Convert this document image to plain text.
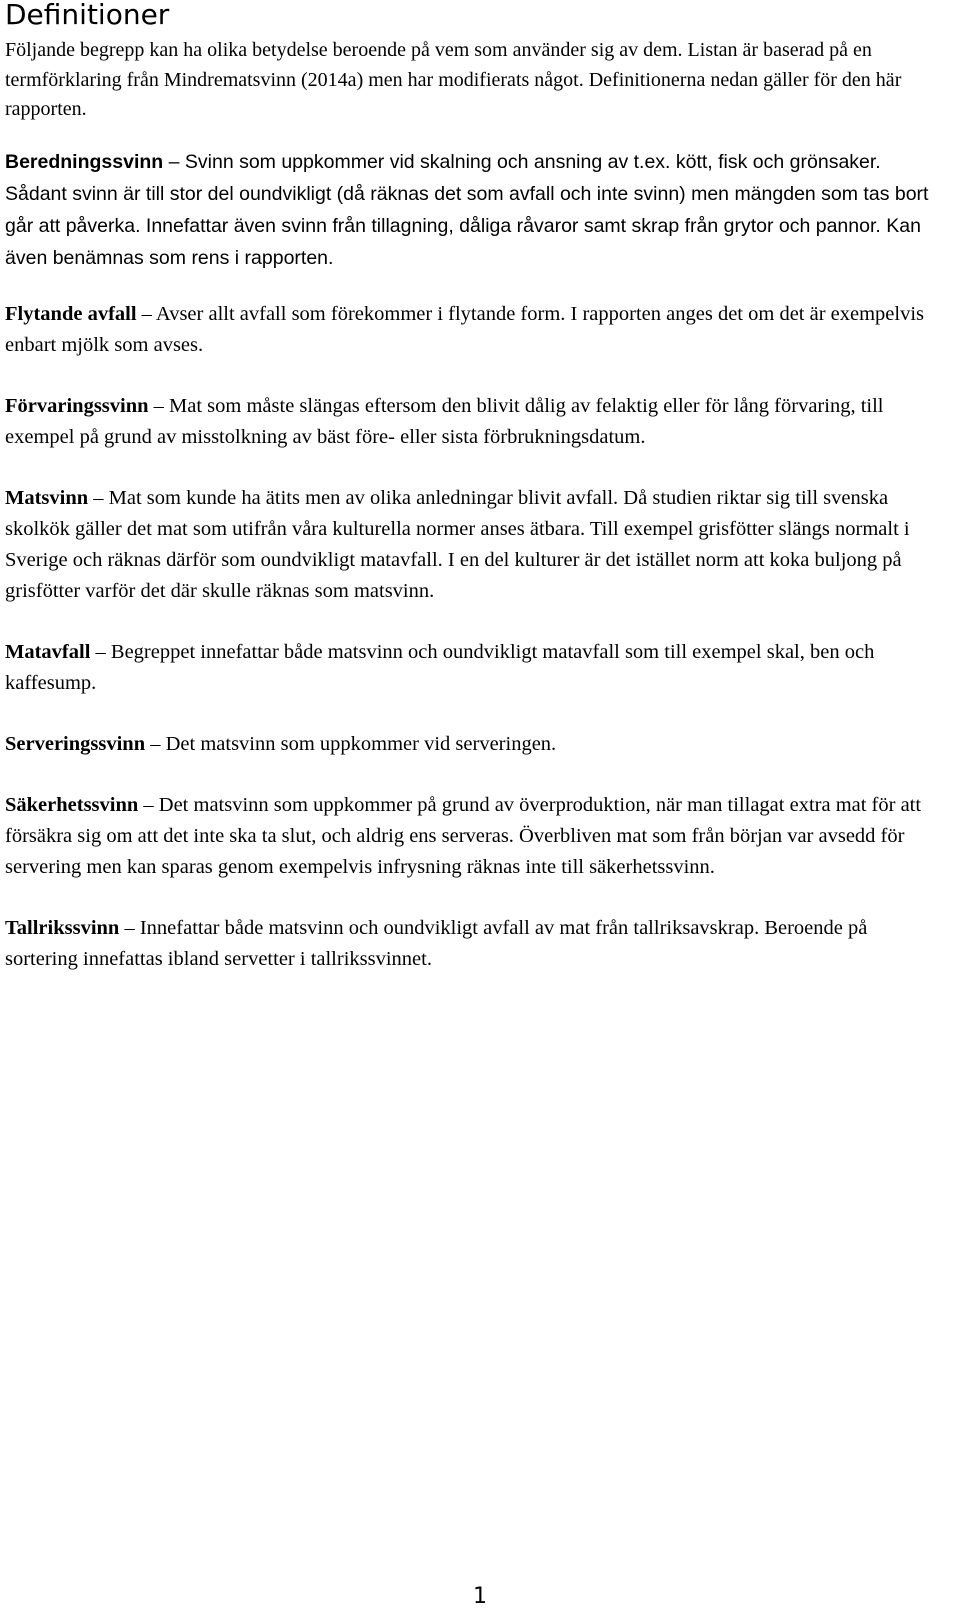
Definitioner

Följande begrepp kan ha olika betydelse beroende på vem som använder sig av dem. Listan är baserad på en termförklaring från Mindrematsvinn (2014a) men har modifierats något. Definitionerna nedan gäller för den här rapporten.

Beredningssvinn – Svinn som uppkommer vid skalning och ansning av t.ex. kött, fisk och grönsaker. Sådant svinn är till stor del oundvikligt (då räknas det som avfall och inte svinn) men mängden som tas bort går att påverka. Innefattar även svinn från tillagning, dåliga råvaror samt skrap från grytor och pannor. Kan även benämnas som rens i rapporten.

Flytande avfall – Avser allt avfall som förekommer i flytande form. I rapporten anges det om det är exempelvis enbart mjölk som avses.

Förvaringssvinn – Mat som måste slängas eftersom den blivit dålig av felaktig eller för lång förvaring, till exempel på grund av misstolkning av bäst före- eller sista förbrukningsdatum.

Matsvinn – Mat som kunde ha ätits men av olika anledningar blivit avfall. Då studien riktar sig till svenska skolkök gäller det mat som utifrån våra kulturella normer anses ätbara. Till exempel grisfötter slängs normalt i Sverige och räknas därför som oundvikligt matavfall. I en del kulturer är det istället norm att koka buljong på grisfötter varför det där skulle räknas som matsvinn.

Matavfall – Begreppet innefattar både matsvinn och oundvikligt matavfall som till exempel skal, ben och kaffesump.

Serveringssvinn – Det matsvinn som uppkommer vid serveringen.

Säkerhetssvinn – Det matsvinn som uppkommer på grund av överproduktion, när man tillagat extra mat för att försäkra sig om att det inte ska ta slut, och aldrig ens serveras. Överbliven mat som från början var avsedd för servering men kan sparas genom exempelvis infrysning räknas inte till säkerhetssvinn.

Tallrikssvinn – Innefattar både matsvinn och oundvikligt avfall av mat från tallriksavskrap. Beroende på sortering innefattas ibland servetter i tallrikssvinnet.

1
